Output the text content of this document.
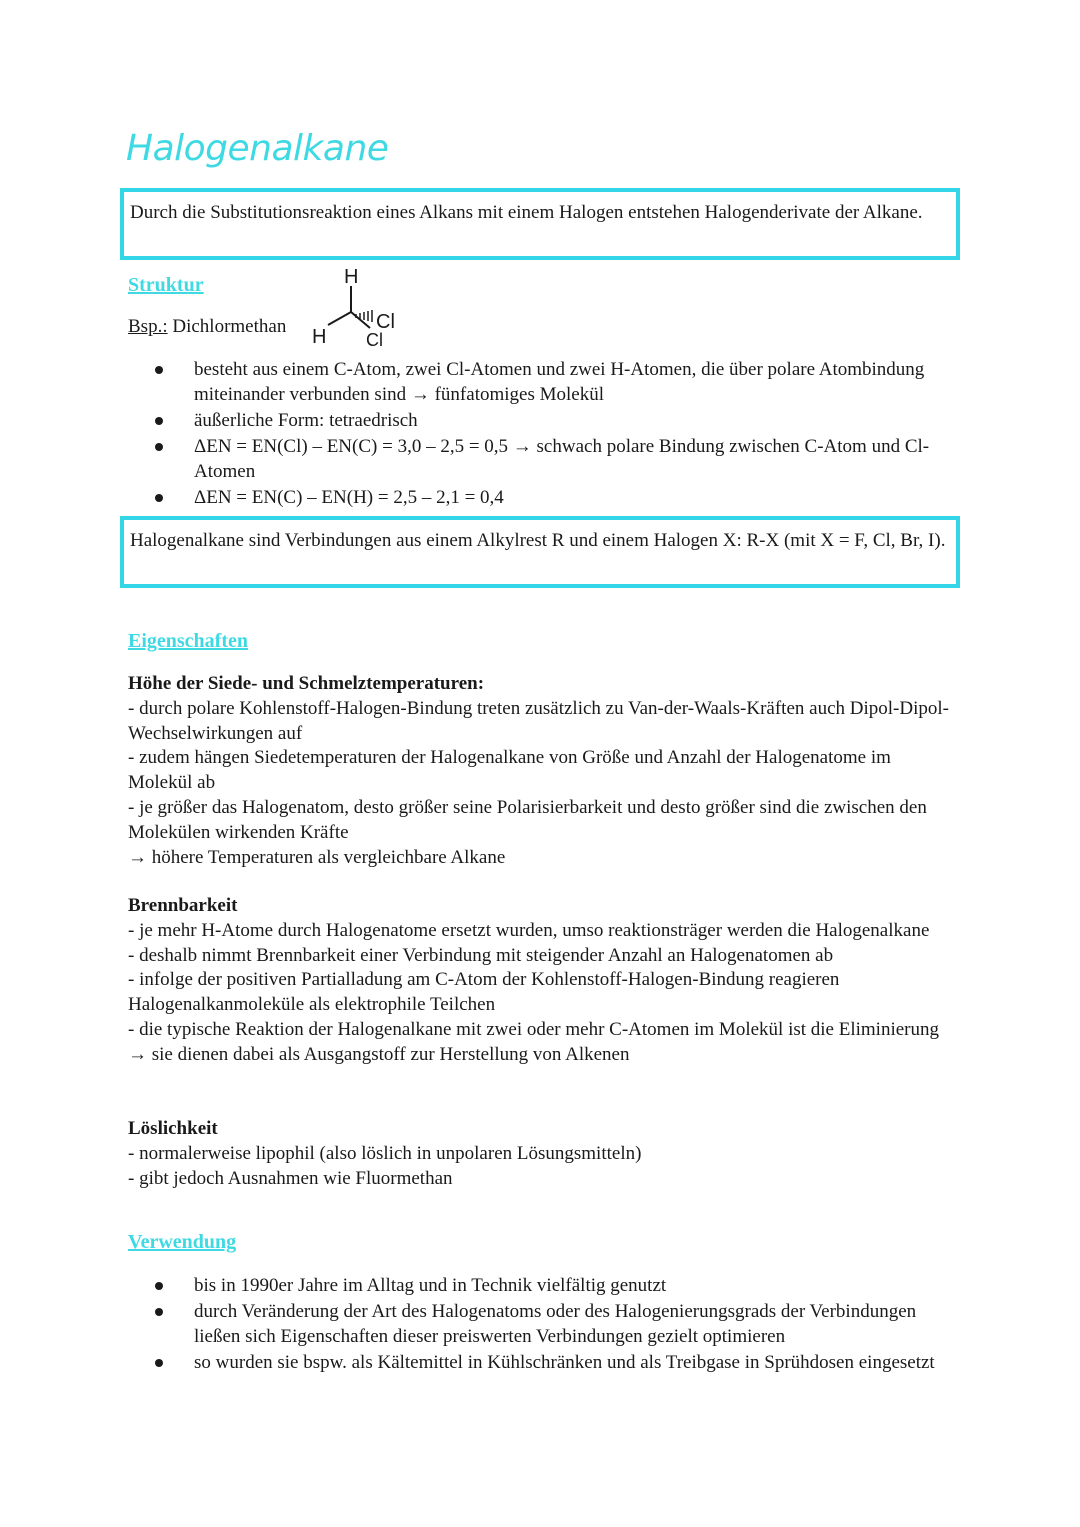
Halogenalkane

Durch die Substitutionsreaktion eines Alkans mit einem Halogen entstehen Halogenderivate der Alkane.

Struktur
Bsp.: Dichlormethan
H
H
Cl
Cl
besteht aus einem C-Atom, zwei Cl-Atomen und zwei H-Atomen, die über polare Atombindung miteinander verbunden sind → fünfatomiges Molekül
äußerliche Form: tetraedrisch
ΔEN = EN(Cl) – EN(C) = 3,0 – 2,5 = 0,5 → schwach polare Bindung zwischen C-Atom und Cl-Atomen
ΔEN = EN(C) – EN(H) = 2,5 – 2,1 = 0,4

Halogenalkane sind Verbindungen aus einem Alkylrest R und einem Halogen X: R-X (mit X = F, Cl, Br, I).

Eigenschaften

Höhe der Siede- und Schmelztemperaturen:

- durch polare Kohlenstoff-Halogen-Bindung treten zusätzlich zu Van-der-Waals-Kräften auch Dipol-Dipol-Wechselwirkungen auf

- zudem hängen Siedetemperaturen der Halogenalkane von Größe und Anzahl der Halogenatome im Molekül ab

- je größer das Halogenatom, desto größer seine Polarisierbarkeit und desto größer sind die zwischen den Molekülen wirkenden Kräfte

→ höhere Temperaturen als vergleichbare Alkane

Brennbarkeit

- je mehr H-Atome durch Halogenatome ersetzt wurden, umso reaktionsträger werden die Halogenalkane

- deshalb nimmt Brennbarkeit einer Verbindung mit steigender Anzahl an Halogenatomen ab

- infolge der positiven Partialladung am C-Atom der Kohlenstoff-Halogen-Bindung reagieren Halogenalkanmoleküle als elektrophile Teilchen

- die typische Reaktion der Halogenalkane mit zwei oder mehr C-Atomen im Molekül ist die Eliminierung → sie dienen dabei als Ausgangstoff zur Herstellung von Alkenen

Löslichkeit

- normalerweise lipophil (also löslich in unpolaren Lösungsmitteln)

- gibt jedoch Ausnahmen wie Fluormethan

Verwendung
bis in 1990er Jahre im Alltag und in Technik vielfältig genutzt
durch Veränderung der Art des Halogenatoms oder des Halogenierungsgrads der Verbindungen ließen sich Eigenschaften dieser preiswerten Verbindungen gezielt optimieren
so wurden sie bspw. als Kältemittel in Kühlschränken und als Treibgase in Sprühdosen eingesetzt
